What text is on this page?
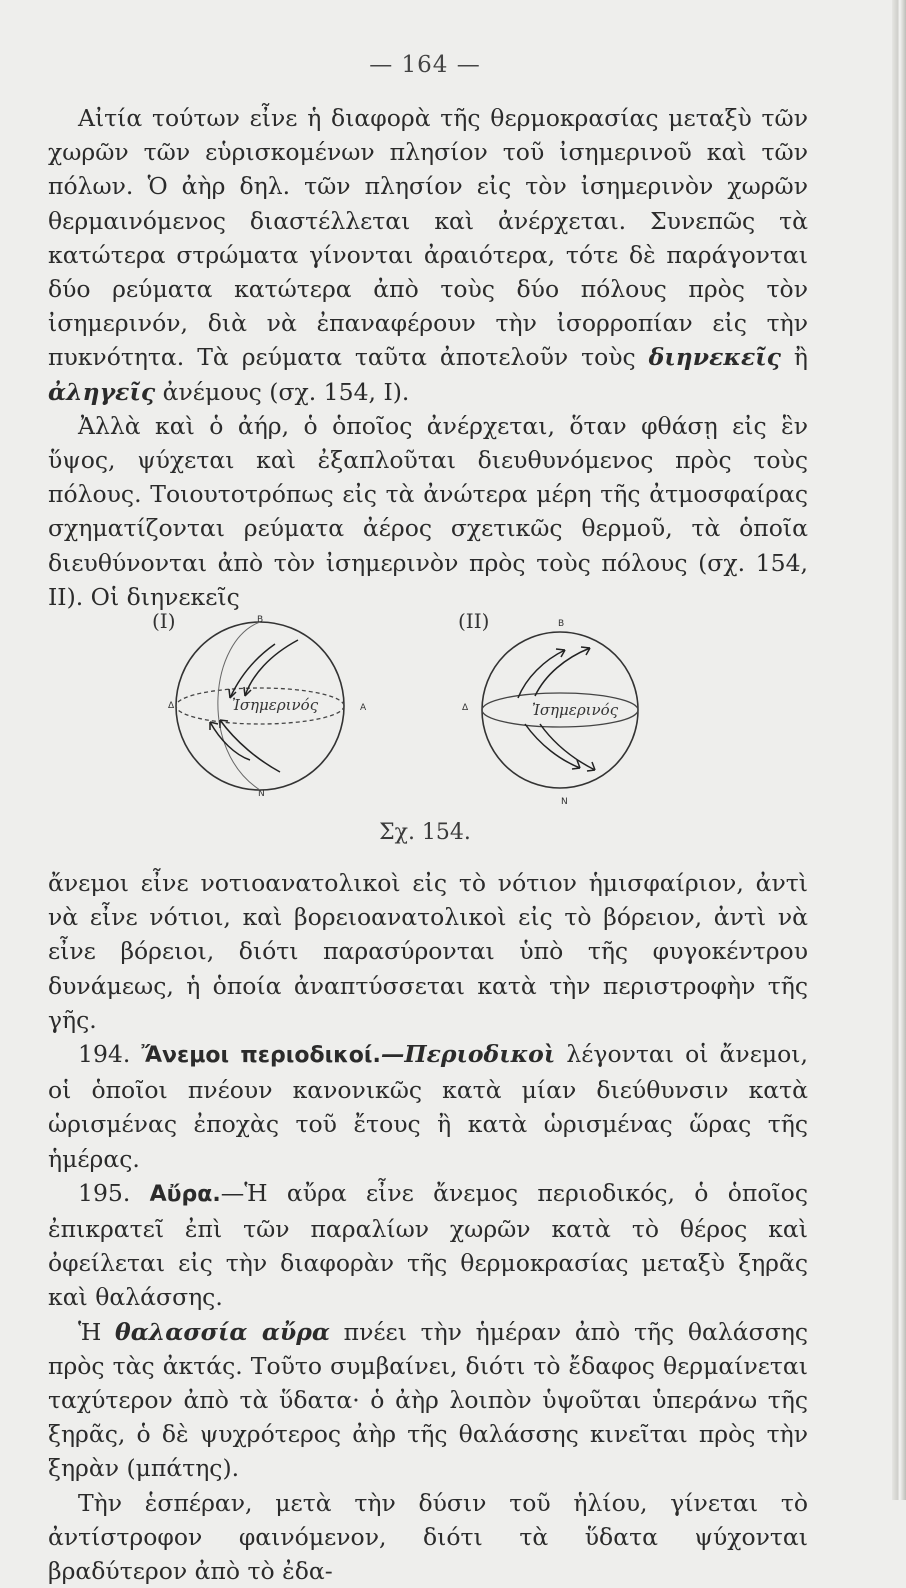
— 164 —

Αἰτία τούτων εἶνε ἡ διαφορὰ τῆς θερμοκρασίας μεταξὺ τῶν χωρῶν τῶν εὑρισκομένων πλησίον τοῦ ἰσημερινοῦ καὶ τῶν πόλων. Ὁ ἀὴρ δηλ. τῶν πλησίον εἰς τὸν ἰσημερινὸν χωρῶν θερμαινόμενος διαστέλλεται καὶ ἀνέρχεται. Συνεπῶς τὰ κατώτερα στρώματα γίνονται ἀραιότερα, τότε δὲ παράγονται δύο ρεύματα κατώτερα ἀπὸ τοὺς δύο πόλους πρὸς τὸν ἰσημερινόν, διὰ νὰ ἐπαναφέρουν τὴν ἰσορροπίαν εἰς τὴν πυκνότητα. Τὰ ρεύματα ταῦτα ἀποτελοῦν τοὺς διηνεκεῖς ἢ ἀληγεῖς ἀνέμους (σχ. 154, Ι).

Ἀλλὰ καὶ ὁ ἀήρ, ὁ ὁποῖος ἀνέρχεται, ὅταν φθάσῃ εἰς ἓν ὕψος, ψύχεται καὶ ἐξαπλοῦται διευθυνόμενος πρὸς τοὺς πόλους. Τοιουτοτρόπως εἰς τὰ ἀνώτερα μέρη τῆς ἀτμοσφαίρας σχηματίζονται ρεύματα ἀέρος σχετικῶς θερμοῦ, τὰ ὁποῖα διευθύνονται ἀπὸ τὸν ἰσημερινὸν πρὸς τοὺς πόλους (σχ. 154, ΙΙ). Οἱ διηνεκεῖς

(Ι)	Β
Ν
Δ	Α
Ἰσημερινός
(ΙΙ)	Β
Ν
Δ	Ἰσημερινός
Σχ. 154.

ἄνεμοι εἶνε νοτιοανατολικοὶ εἰς τὸ νότιον ἡμισφαίριον, ἀντὶ νὰ εἶνε νότιοι, καὶ βορειοανατολικοὶ εἰς τὸ βόρειον, ἀντὶ νὰ εἶνε βόρειοι, διότι παρασύρονται ὑπὸ τῆς φυγοκέντρου δυνάμεως, ἡ ὁποία ἀναπτύσσεται κατὰ τὴν περιστροφὴν τῆς γῆς.

194. Ἄνεμοι περιοδικοί.—Περιοδικοὶ λέγονται οἱ ἄνεμοι, οἱ ὁποῖοι πνέουν κανονικῶς κατὰ μίαν διεύθυνσιν κατὰ ὡρισμένας ἐποχὰς τοῦ ἔτους ἢ κατὰ ὡρισμένας ὥρας τῆς ἡμέρας.

195. Αὔρα.—Ἡ αὔρα εἶνε ἄνεμος περιοδικός, ὁ ὁποῖος ἐπικρατεῖ ἐπὶ τῶν παραλίων χωρῶν κατὰ τὸ θέρος καὶ ὀφείλεται εἰς τὴν διαφορὰν τῆς θερμοκρασίας μεταξὺ ξηρᾶς καὶ θαλάσσης.

Ἡ θαλασσία αὔρα πνέει τὴν ἡμέραν ἀπὸ τῆς θαλάσσης πρὸς τὰς ἀκτάς. Τοῦτο συμβαίνει, διότι τὸ ἔδαφος θερμαίνεται ταχύτερον ἀπὸ τὰ ὕδατα· ὁ ἀὴρ λοιπὸν ὑψοῦται ὑπεράνω τῆς ξηρᾶς, ὁ δὲ ψυχρότερος ἀὴρ τῆς θαλάσσης κινεῖται πρὸς τὴν ξηρὰν (μπάτης).

Τὴν ἑσπέραν, μετὰ τὴν δύσιν τοῦ ἡλίου, γίνεται τὸ ἀντίστροφον φαινόμενον, διότι τὰ ὕδατα ψύχονται βραδύτερον ἀπὸ τὸ ἐδα-
